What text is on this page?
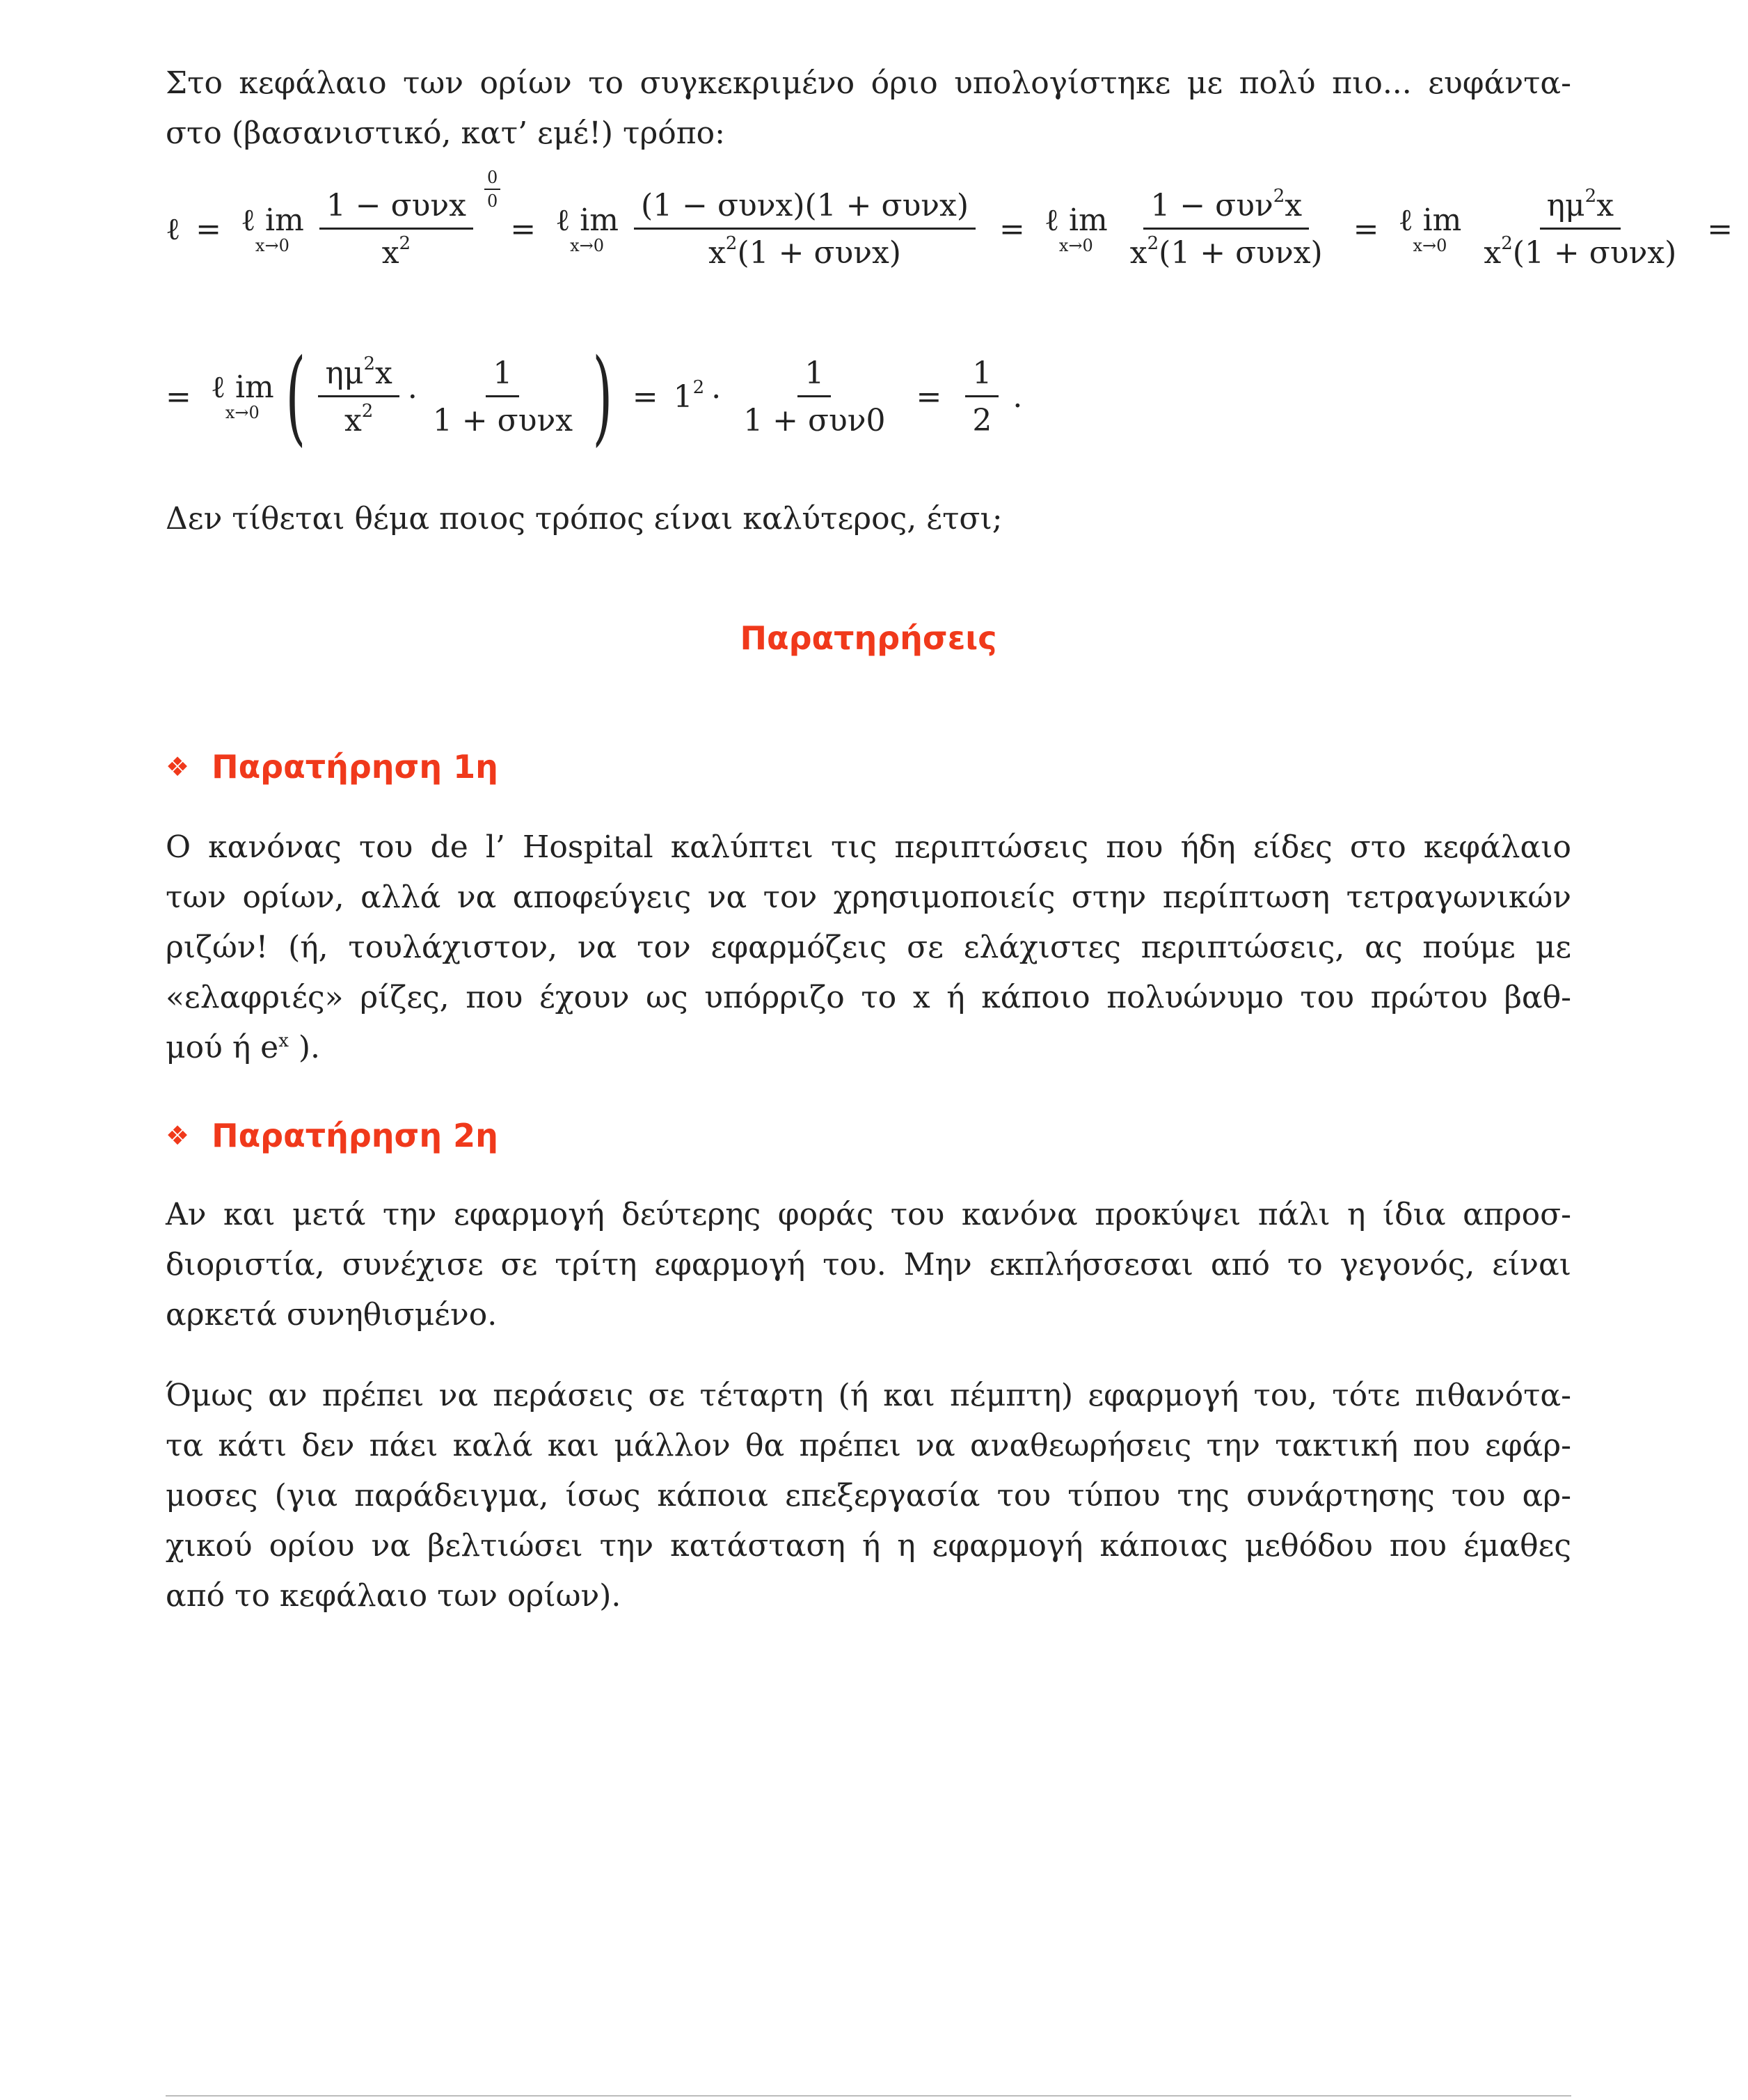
Στο κεφάλαιο των ορίων το συγκεκριμένο όριο υπολογίστηκε με πολύ πιο... ευφάντα-
στο (βασανιστικό, κατ’ εμέ!) τρόπο:
ℓ = ℓ im
$x\to 0 \frac{\text{1 − συνx}}{x^2} \frac{0}{0}$
= ℓ im
$x\to 0 \frac{\text{(1 − συνx)(1 + συνx)}}{x^2(1 + \sigma\upsilon\nu x)}$ = ℓ im
$x\to 0 \frac{1 - \sigma\upsilon\nu^2x}{x^2(1 + \sigma\upsilon\nu x)}$ = ℓ im
$x\to 0 \frac{\eta\mu^2x}{x^2(1 + \sigma\upsilon\nu x)}$ =
= ℓ im
x→0 ( $\frac{\eta\mu^2x}{x^2} \cdot \frac{1}{\text{1 + συνx}}$ ) = $1^2 \cdot \frac{1}{\text{1 + συν0}} = \frac{1}{2}$ .
Δεν τίθεται θέμα ποιος τρόπος είναι καλύτερος, έτσι;
Παρατηρήσεις
❖ Παρατήρηση 1η
Ο κανόνας του de l’ Hospital καλύπτει τις περιπτώσεις που ήδη είδες στο κεφάλαιο
των ορίων, αλλά να αποφεύγεις να τον χρησιμοποιείς στην περίπτωση τετραγωνικών
ριζών! (ή, τουλάχιστον, να τον εφαρμόζεις σε ελάχιστες περιπτώσεις, ας πούμε με
«ελαφριές» ρίζες, που έχουν ως υπόρριζο το x ή κάποιο πολυώνυμο του πρώτου βαθ-
μού ή $e^x$ ).
❖ Παρατήρηση 2η
Αν και μετά την εφαρμογή δεύτερης φοράς του κανόνα προκύψει πάλι η ίδια απροσ-
διοριστία, συνέχισε σε τρίτη εφαρμογή του. Μην εκπλήσσεσαι από το γεγονός, είναι
αρκετά συνηθισμένο.
Όμως αν πρέπει να περάσεις σε τέταρτη (ή και πέμπτη) εφαρμογή του, τότε πιθανότα-
τα κάτι δεν πάει καλά και μάλλον θα πρέπει να αναθεωρήσεις την τακτική που εφάρ-
μοσες (για παράδειγμα, ίσως κάποια επεξεργασία του τύπου της συνάρτησης του αρ-
χικού ορίου να βελτιώσει την κατάσταση ή η εφαρμογή κάποιας μεθόδου που έμαθες
από το κεφάλαιο των ορίων).
